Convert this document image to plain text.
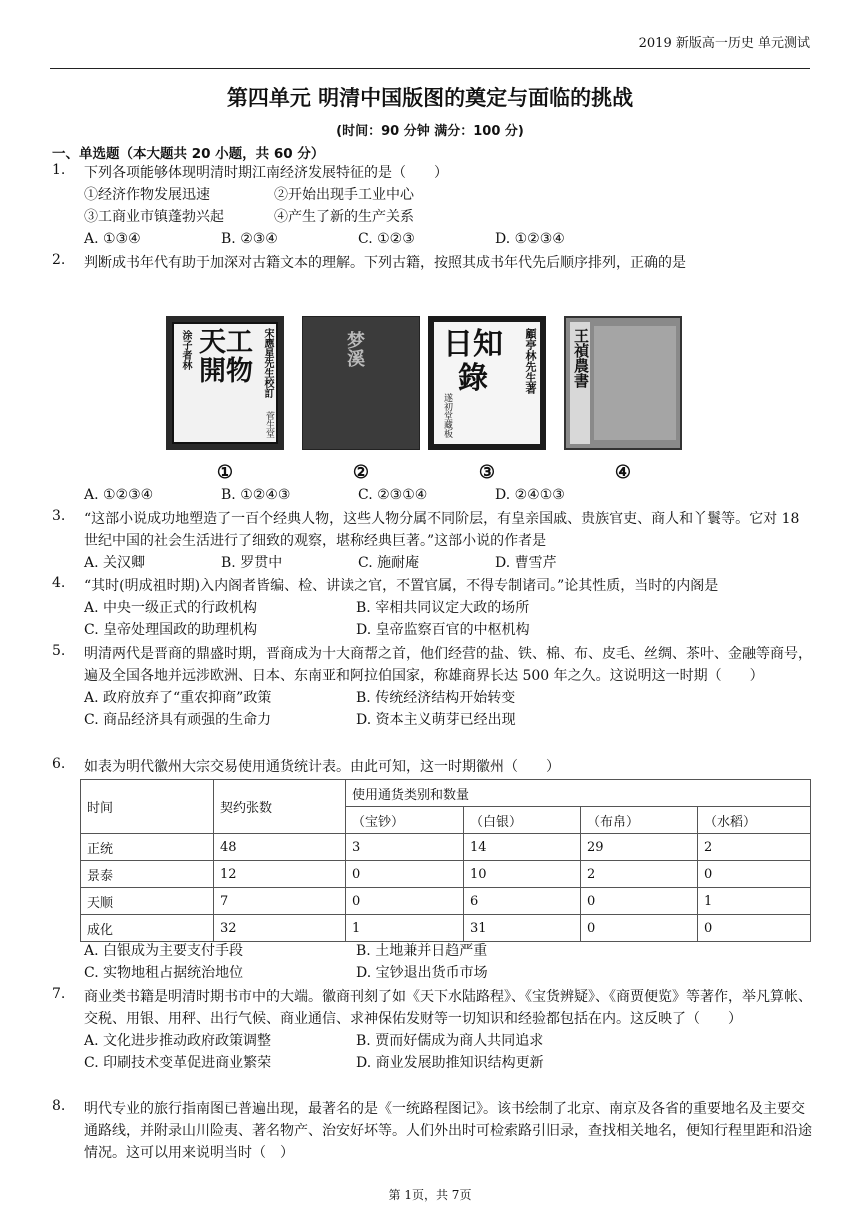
2019 新版高一历史 单元测试
第四单元 明清中国版图的奠定与面临的挑战
(时间：90 分钟 满分：100 分)
一、单选题（本大题共 20 小题，共 60 分）
1. 下列各项能够体现明清时期江南经济发展特征的是（　　）
①经济作物发展迅速	②开始出现手工业中心
③工商业市镇蓬勃兴起	④产生了新的生产关系
A. ①③④	B. ②③④	C. ①②③	D. ①②③④
2. 判断成书年代有助于加深对古籍文本的理解。下列古籍，按照其成书年代先后顺序排列，正确的是
涂子者林 天工開物 宋應星先生校訂
菅生堂
①
梦溪
②
日知錄	顧亭林先生著
遂初堂藏板
③
王禎農書
④
A. ①②③④	B. ①②④③	C. ②③①④	D. ②④①③
3. “这部小说成功地塑造了一百个经典人物，这些人物分属不同阶层，有皇亲国戚、贵族官吏、商人和丫鬟等。它对 18 世纪中国的社会生活进行了细致的观察，堪称经典巨著。”这部小说的作者是
A. 关汉卿	B. 罗贯中	C. 施耐庵	D. 曹雪芹
4. “其时(明成祖时期)入内阁者皆编、检、讲读之官，不置官属，不得专制诸司。”论其性质，当时的内阁是
A. 中央一级正式的行政机构	B. 宰相共同议定大政的场所
C. 皇帝处理国政的助理机构	D. 皇帝监察百官的中枢机构
5. 明清两代是晋商的鼎盛时期，晋商成为十大商帮之首，他们经营的盐、铁、棉、布、皮毛、丝绸、茶叶、金融等商号，遍及全国各地并远涉欧洲、日本、东南亚和阿拉伯国家，称雄商界长达 500 年之久。这说明这一时期（　　）
A. 政府放弃了“重农抑商”政策	B. 传统经济结构开始转变
C. 商品经济具有顽强的生命力	D. 资本主义萌芽已经出现
6. 如表为明代徽州大宗交易使用通货统计表。由此可知，这一时期徽州（　　）
时间	契约张数	使用通货类别和数量			
		（宝钞）	（白银）	（布帛）	（水稻）
正统	48	3	14	29	2
景泰	12	0	10	2	0
天顺	7	0	6	0	1
成化	32	1	31	0	0
A. 白银成为主要支付手段	B. 土地兼并日趋严重
C. 实物地租占据统治地位	D. 宝钞退出货币市场
7. 商业类书籍是明清时期书市中的大端。徽商刊刻了如《天下水陆路程》、《宝货辨疑》、《商贾便览》等著作，举凡算帐、交税、用银、用秤、出行气候、商业通信、求神保佑发财等一切知识和经验都包括在内。这反映了（　　）
A. 文化进步推动政府政策调整	B. 贾而好儒成为商人共同追求
C. 印刷技术变革促进商业繁荣	D. 商业发展助推知识结构更新
8. 明代专业的旅行指南图已普遍出现，最著名的是《一统路程图记》。该书绘制了北京、南京及各省的重要地名及主要交通路线，并附录山川险夷、著名物产、治安好坏等。人们外出时可检索路引旧录，查找相关地名，便知行程里距和沿途情况。这可以用来说明当时（　）
第 1页，共 7页
